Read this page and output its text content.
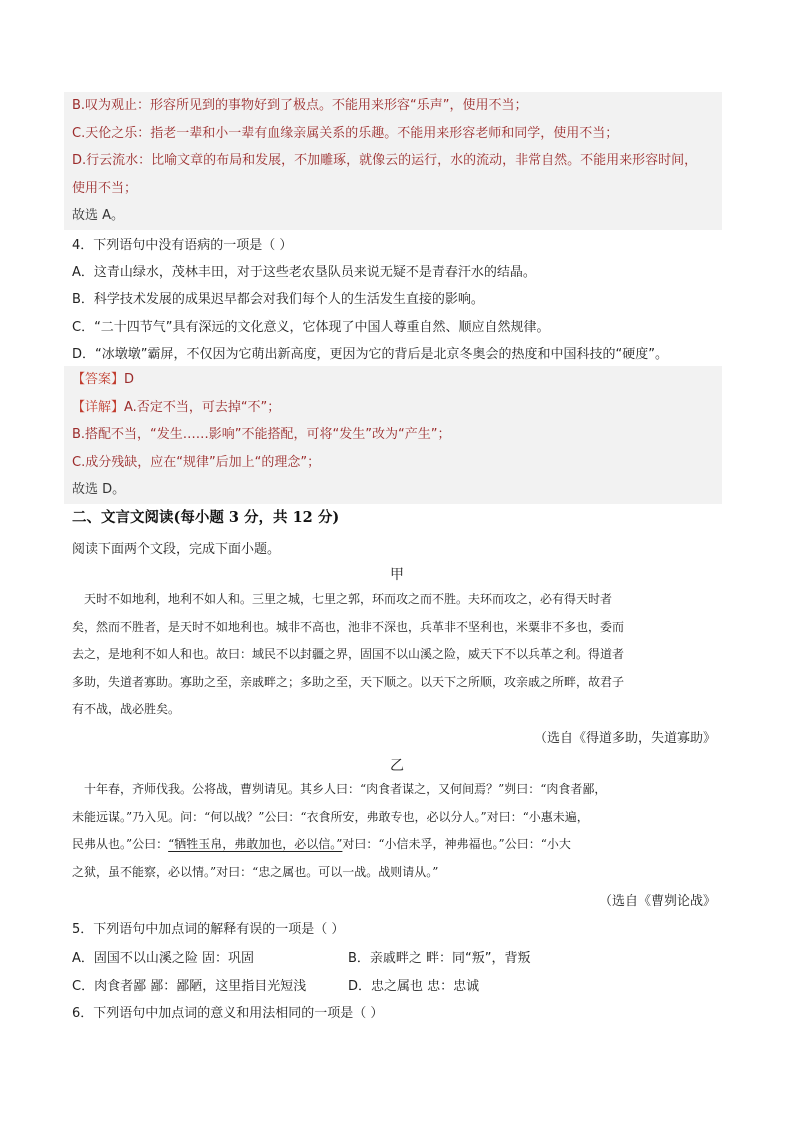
B.叹为观止：形容所见到的事物好到了极点。不能用来形容“乐声”，使用不当；
C.天伦之乐：指老一辈和小一辈有血缘亲属关系的乐趣。不能用来形容老师和同学，使用不当；
D.行云流水：比喻文章的布局和发展，不加雕琢，就像云的运行，水的流动，非常自然。不能用来形容时间，
使用不当；
故选 A。
4．下列语句中没有语病的一项是（ ）
A．这青山绿水，茂林丰田，对于这些老农垦队员来说无疑不是青春汗水的结晶。
B．科学技术发展的成果迟早都会对我们每个人的生活发生直接的影响。
C．“二十四节气”具有深远的文化意义，它体现了中国人尊重自然、顺应自然规律。
D．“冰墩墩”霸屏，不仅因为它萌出新高度，更因为它的背后是北京冬奥会的热度和中国科技的“硬度”。
【答案】D
【详解】A.否定不当，可去掉“不”；
B.搭配不当，“发生……影响”不能搭配，可将“发生”改为“产生”；
C.成分残缺，应在“规律”后加上“的理念”；
故选 D。
二、文言文阅读(每小题 3 分，共 12 分)
阅读下面两个文段，完成下面小题。
甲
　天时不如地利，地利不如人和。三里之城，七里之郭，环而攻之而不胜。夫环而攻之，必有得天时者
矣，然而不胜者，是天时不如地利也。城非不高也，池非不深也，兵革非不坚利也，米粟非不多也，委而
去之，是地利不如人和也。故曰：域民不以封疆之界，固国不以山溪之险，威天下不以兵革之利。得道者
多助，失道者寡助。寡助之至，亲戚畔之；多助之至，天下顺之。以天下之所顺，攻亲戚之所畔，故君子
有不战，战必胜矣。
（选自《得道多助，失道寡助》
乙
　十年春，齐师伐我。公将战，曹刿请见。其乡人曰：“肉食者谋之，又何间焉？”刿曰：“肉食者鄙，
未能远谋。”乃入见。问：“何以战？”公曰：“衣食所安，弗敢专也，必以分人。”对曰：“小惠未遍，
民弗从也。”公曰：“牺牲玉帛，弗敢加也，必以信。”对曰：“小信未孚，神弗福也。”公曰：“小大
之狱，虽不能察，必以情。”对曰：“忠之属也。可以一战。战则请从。”
（选自《曹刿论战》
5．下列语句中加点词的解释有误的一项是（ ）
A．固国不以山溪之险 固：巩固	B．亲戚畔之 畔：同“叛”，背叛
C．肉食者鄙 鄙：鄙陋，这里指目光短浅	D．忠之属也 忠：忠诚
6．下列语句中加点词的意义和用法相同的一项是（ ）
